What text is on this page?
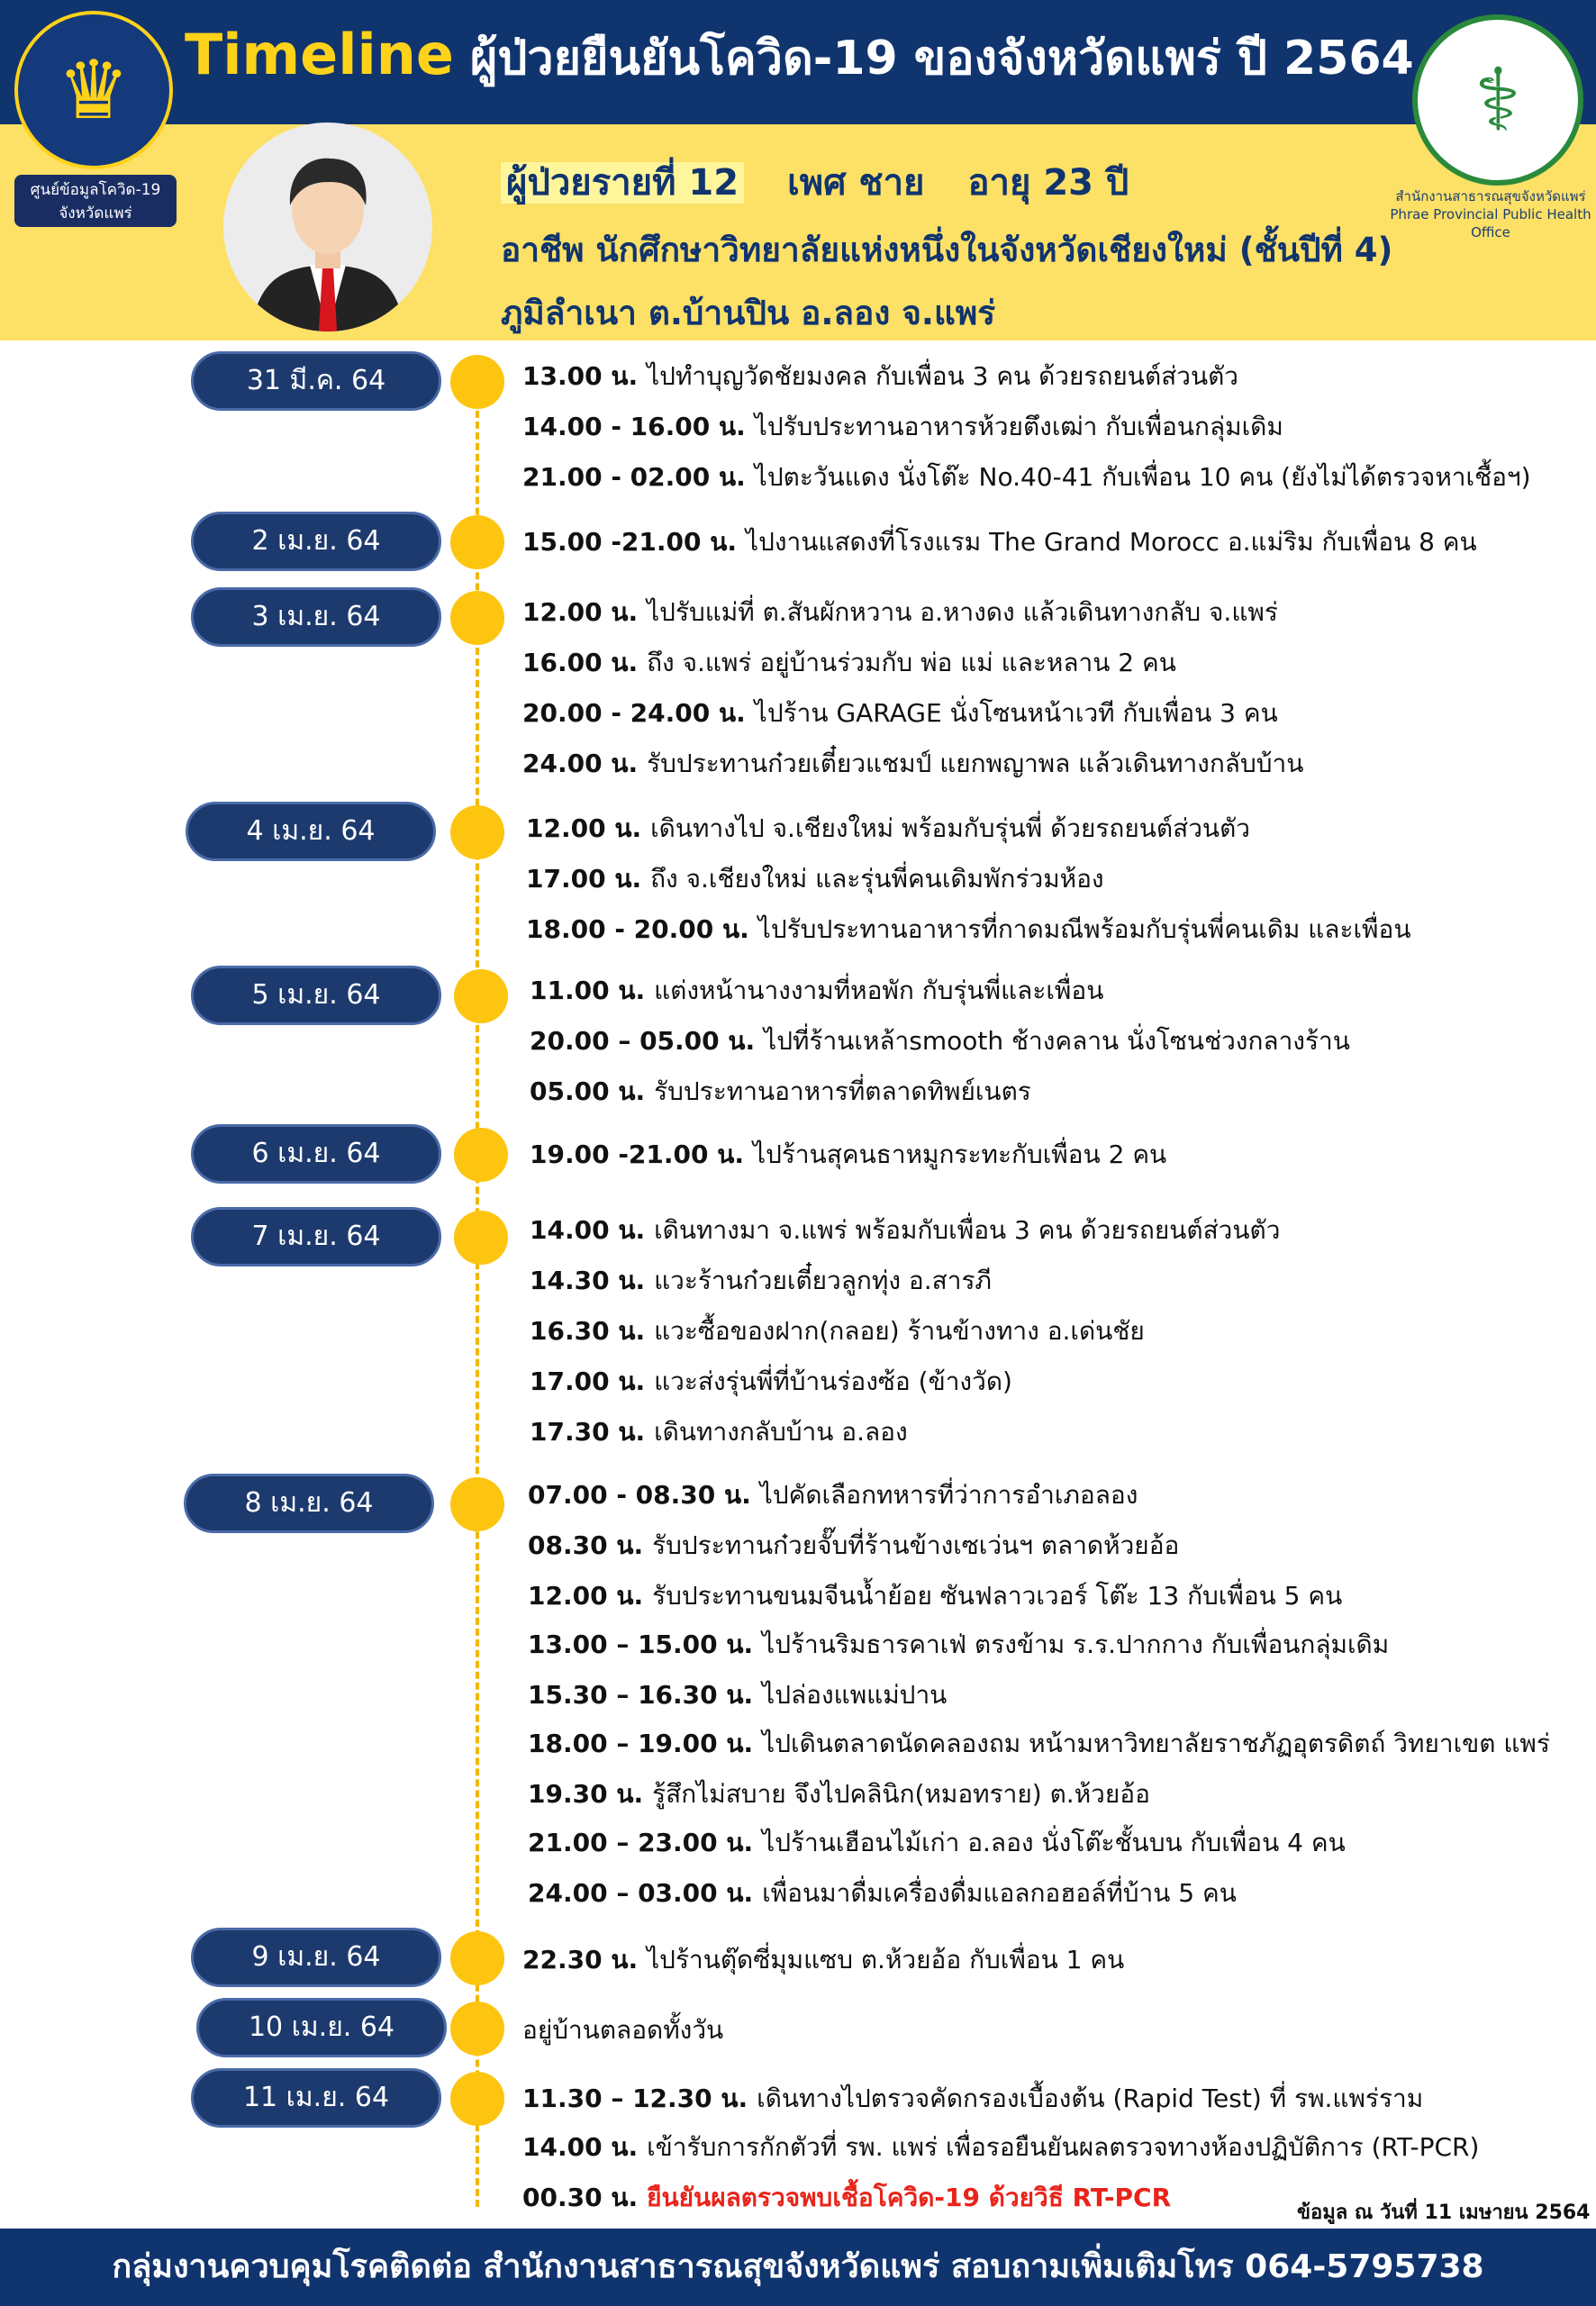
♛
ศูนย์ข้อมูลโควิด-19
จังหวัดแพร่
Timeline ผู้ป่วยยืนยันโควิด-19 ของจังหวัดแพร่ ปี 2564 ⚕
สำนักงานสาธารณสุขจังหวัดแพร่
Phrae Provincial Public Health Office
ผู้ป่วยรายที่ 12 เพศ ชาย อายุ 23 ปี
อาชีพ นักศึกษาวิทยาลัยแห่งหนึ่งในจังหวัดเชียงใหม่ (ชั้นปีที่ 4)
ภูมิลำเนา ต.บ้านปิน อ.ลอง จ.แพร่
31 มี.ค. 64	13.00 น. ไปทำบุญวัดชัยมงคล กับเพื่อน 3 คน ด้วยรถยนต์ส่วนตัว
14.00 - 16.00 น. ไปรับประทานอาหารห้วยตึงเฒ่า กับเพื่อนกลุ่มเดิม
21.00 - 02.00 น. ไปตะวันแดง นั่งโต๊ะ No.40-41 กับเพื่อน 10 คน (ยังไม่ได้ตรวจหาเชื้อฯ)
2 เม.ย. 64	15.00 -21.00 น. ไปงานแสดงที่โรงแรม The Grand Morocc อ.แม่ริม กับเพื่อน 8 คน
3 เม.ย. 64	12.00 น. ไปรับแม่ที่ ต.สันผักหวาน อ.หางดง แล้วเดินทางกลับ จ.แพร่
16.00 น. ถึง จ.แพร่ อยู่บ้านร่วมกับ พ่อ แม่ และหลาน 2 คน
20.00 - 24.00 น. ไปร้าน GARAGE นั่งโซนหน้าเวที กับเพื่อน 3 คน
24.00 น. รับประทานก๋วยเตี๋ยวแชมป์ แยกพญาพล แล้วเดินทางกลับบ้าน
4 เม.ย. 64	12.00 น. เดินทางไป จ.เชียงใหม่ พร้อมกับรุ่นพี่ ด้วยรถยนต์ส่วนตัว
17.00 น. ถึง จ.เชียงใหม่ และรุ่นพี่คนเดิมพักร่วมห้อง
18.00 - 20.00 น. ไปรับประทานอาหารที่กาดมณีพร้อมกับรุ่นพี่คนเดิม และเพื่อน
5 เม.ย. 64	11.00 น. แต่งหน้านางงามที่หอพัก กับรุ่นพี่และเพื่อน
20.00 – 05.00 น. ไปที่ร้านเหล้าsmooth ช้างคลาน นั่งโซนช่วงกลางร้าน
05.00 น. รับประทานอาหารที่ตลาดทิพย์เนตร
6 เม.ย. 64	19.00 -21.00 น. ไปร้านสุคนธาหมูกระทะกับเพื่อน 2 คน
7 เม.ย. 64	14.00 น. เดินทางมา จ.แพร่ พร้อมกับเพื่อน 3 คน ด้วยรถยนต์ส่วนตัว
14.30 น. แวะร้านก๋วยเตี๋ยวลูกทุ่ง อ.สารภี
16.30 น. แวะซื้อของฝาก(กลอย) ร้านข้างทาง อ.เด่นชัย
17.00 น. แวะส่งรุ่นพี่ที่บ้านร่องซ้อ (ข้างวัด)
17.30 น. เดินทางกลับบ้าน อ.ลอง
8 เม.ย. 64	07.00 - 08.30 น. ไปคัดเลือกทหารที่ว่าการอำเภอลอง
08.30 น. รับประทานก๋วยจั๊บที่ร้านข้างเซเว่นฯ ตลาดห้วยอ้อ
12.00 น. รับประทานขนมจีนน้ำย้อย ซันฟลาวเวอร์ โต๊ะ 13 กับเพื่อน 5 คน
13.00 – 15.00 น. ไปร้านริมธารคาเฟ่ ตรงข้าม ร.ร.ปากกาง กับเพื่อนกลุ่มเดิม
15.30 – 16.30 น. ไปล่องแพแม่ปาน
18.00 – 19.00 น. ไปเดินตลาดนัดคลองถม หน้ามหาวิทยาลัยราชภัฏอุตรดิตถ์ วิทยาเขต แพร่
19.30 น. รู้สึกไม่สบาย จึงไปคลินิก(หมอทราย) ต.ห้วยอ้อ
21.00 – 23.00 น. ไปร้านเฮือนไม้เก่า อ.ลอง นั่งโต๊ะชั้นบน กับเพื่อน 4 คน
24.00 – 03.00 น. เพื่อนมาดื่มเครื่องดื่มแอลกอฮอล์ที่บ้าน 5 คน
9 เม.ย. 64	22.30 น. ไปร้านตุ๊ดซี่มุมแซบ ต.ห้วยอ้อ กับเพื่อน 1 คน
10 เม.ย. 64	อยู่บ้านตลอดทั้งวัน
11 เม.ย. 64	11.30 – 12.30 น. เดินทางไปตรวจคัดกรองเบื้องต้น (Rapid Test) ที่ รพ.แพร่ราม
14.00 น. เข้ารับการกักตัวที่ รพ. แพร่ เพื่อรอยืนยันผลตรวจทางห้องปฏิบัติการ (RT-PCR)
00.30 น. ยืนยันผลตรวจพบเชื้อโควิด-19 ด้วยวิธี RT-PCR
ข้อมูล ณ วันที่ 11 เมษายน 2564
กลุ่มงานควบคุมโรคติดต่อ สำนักงานสาธารณสุขจังหวัดแพร่ สอบถามเพิ่มเติมโทร 064-5795738
